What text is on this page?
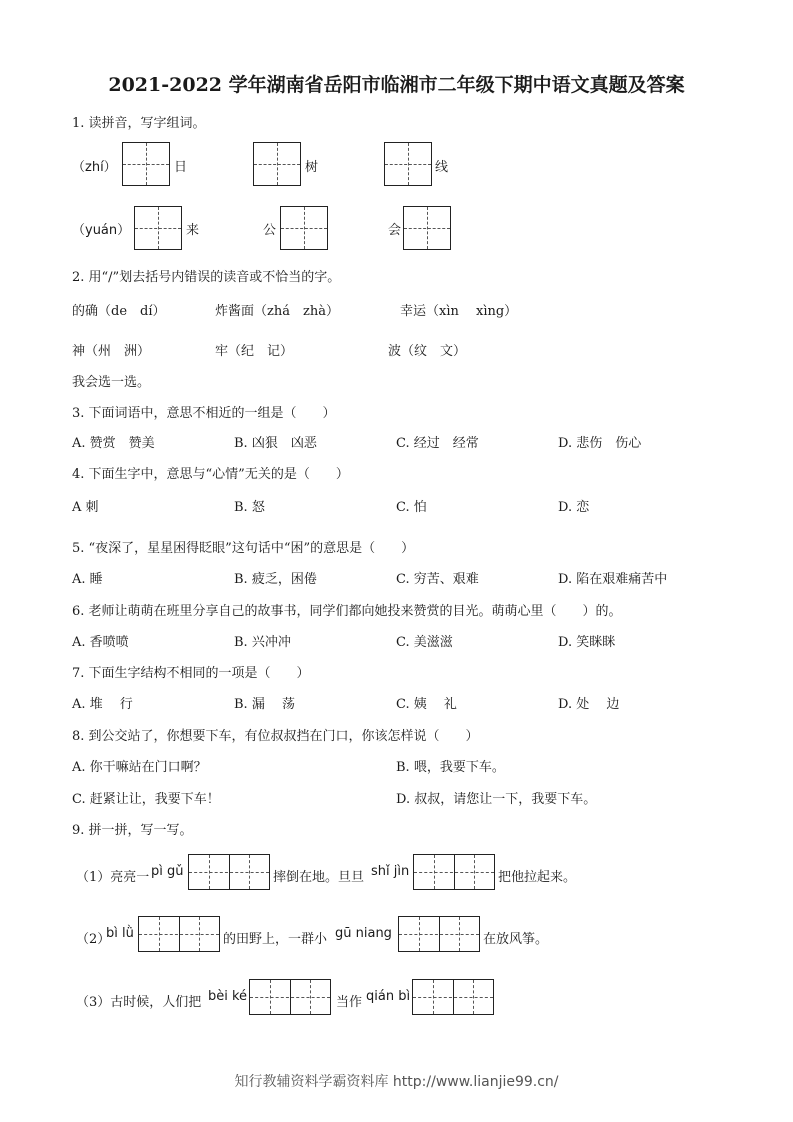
2021-2022 学年湖南省岳阳市临湘市二年级下期中语文真题及答案
1. 读拼音，写字组词。
（zhí）	日	树	线
（yuán）	来	公	会
2. 用“/”划去括号内错误的读音或不恰当的字。
的确（de　dí）	炸酱面（zhá　zhà）	幸运（xìn　 xìng）
神（州　洲）	牢（纪　记）	波（纹　文）
我会选一选。
3. 下面词语中，意思不相近的一组是（　　）
A. 赞赏　赞美	B. 凶狠　凶恶	C. 经过　经常	D. 悲伤　伤心
4. 下面生字中，意思与“心情”无关的是（　　）
A 刺	B. 怒	C. 怕	D. 恋
5. “夜深了，星星困得眨眼”这句话中“困”的意思是（　　）
A. 睡	B. 疲乏，困倦	C. 穷苦、艰难	D. 陷在艰难痛苦中
6. 老师让萌萌在班里分享自己的故事书，同学们都向她投来赞赏的目光。萌萌心里（　　）的。
A. 香喷喷	B. 兴冲冲	C. 美滋滋	D. 笑眯眯
7. 下面生字结构不相同的一项是（　　）
A. 堆　 行	B. 漏　 荡	C. 姨　 礼	D. 处　 边
8. 到公交站了，你想要下车，有位叔叔挡在门口，你该怎样说（　　）
A. 你干嘛站在门口啊？	B. 喂，我要下车。
C. 赶紧让让，我要下车！	D. 叔叔，请您让一下，我要下车。
9. 拼一拼，写一写。
（1）亮亮一 pì gǔ	摔倒在地。旦旦 shǐ jìn	把他拉起来。
（2）
bì lǜ	的田野上，一群小 gū niang	在放风筝。
（3）古时候，人们把 bèi ké	当作 qián bì
知行教辅资料学霸资料库 http://www.lianjie99.cn/
